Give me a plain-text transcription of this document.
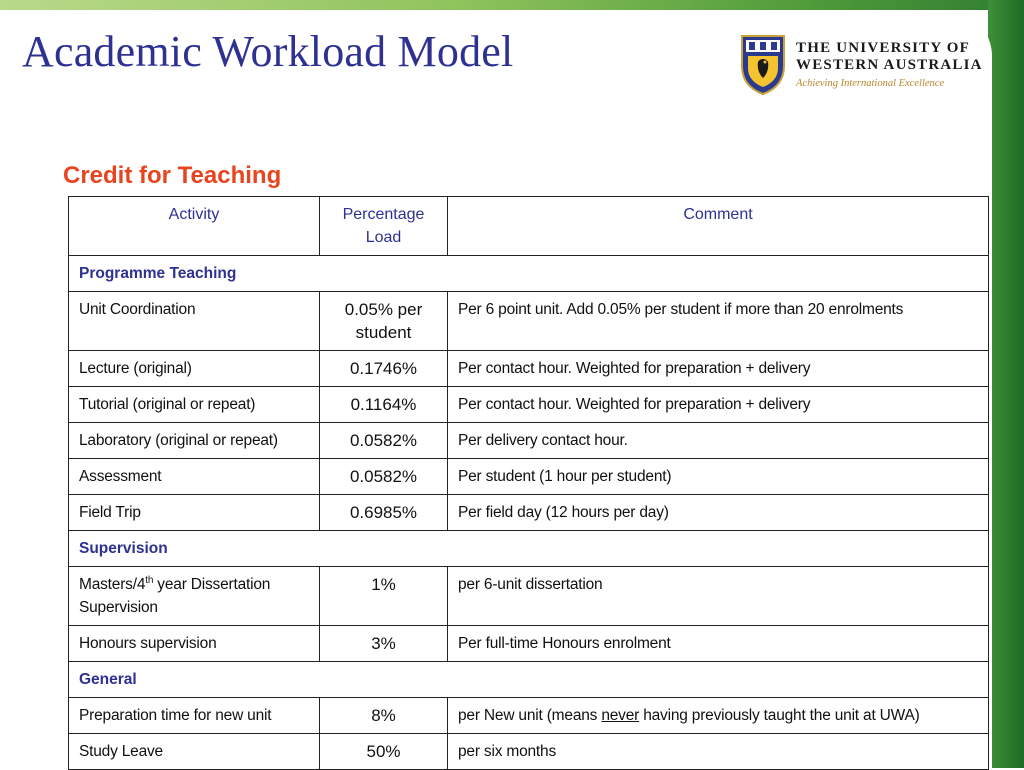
Academic Workload Model	THE UNIVERSITY OF
WESTERN AUSTRALIA
Achieving International Excellence
Credit for Teaching
Activity	Percentage Load	Comment
Programme Teaching		
Unit Coordination	0.05% per student	Per 6 point unit. Add 0.05% per student if more than 20 enrolments
Lecture (original)	0.1746%	Per contact hour. Weighted for preparation + delivery
Tutorial (original or repeat)	0.1164%	Per contact hour. Weighted for preparation + delivery
Laboratory (original or repeat)	0.0582%	Per delivery contact hour.
Assessment	0.0582%	Per student (1 hour per student)
Field Trip	0.6985%	Per field day (12 hours per day)
Supervision		
Masters/4th year Dissertation Supervision	1%	per 6-unit dissertation
Honours supervision	3%	Per full-time Honours enrolment
General		
Preparation time for new unit	8%	per New unit (means never having previously taught the unit at UWA)
Study Leave	50%	per six months
